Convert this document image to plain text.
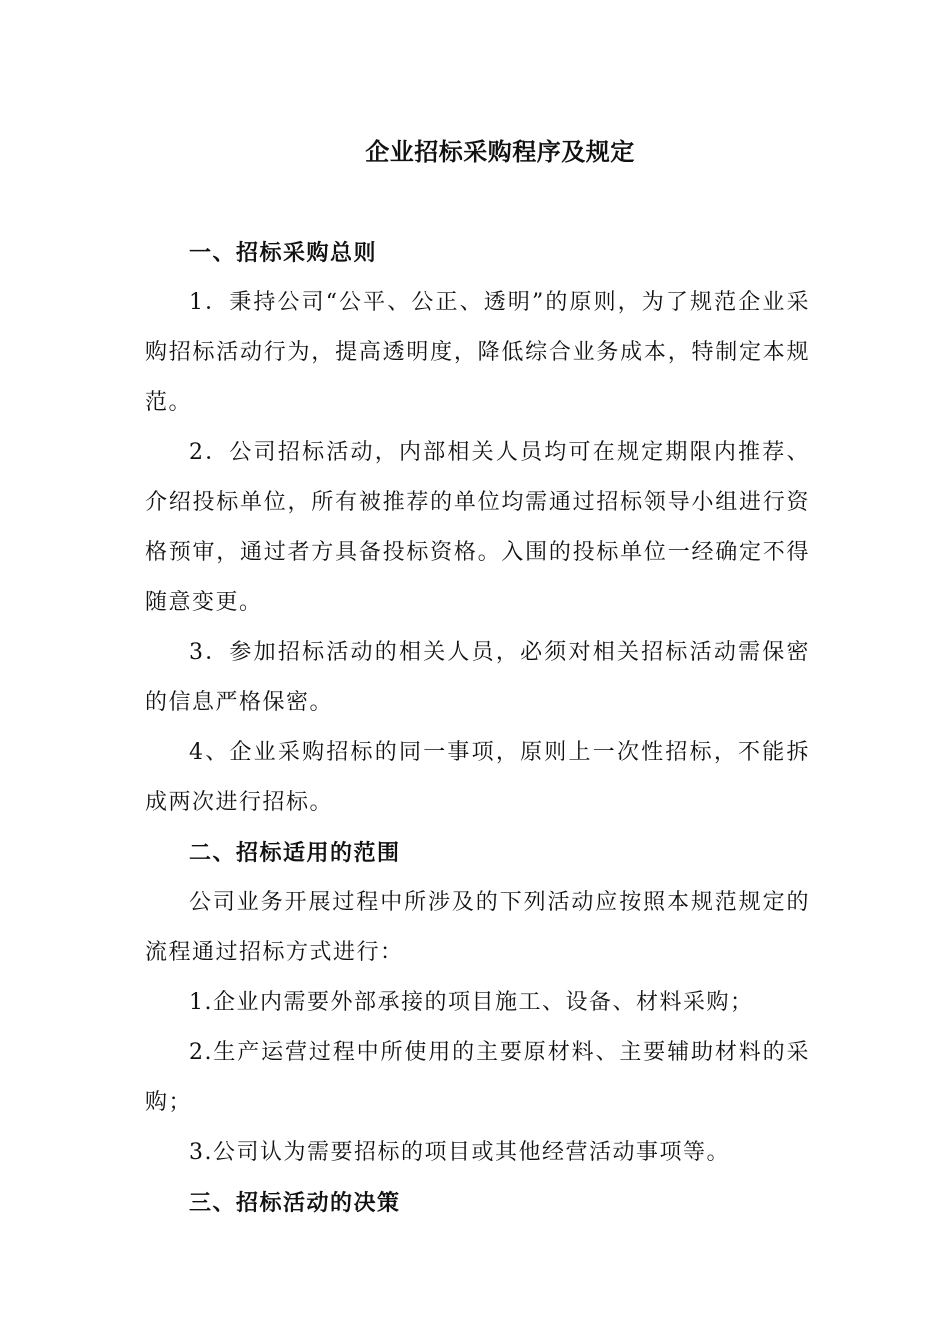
企业招标采购程序及规定

一、招标采购总则

1．秉持公司“公平、公正、透明”的原则，为了规范企业采购招标活动行为，提高透明度，降低综合业务成本，特制定本规范。

2．公司招标活动，内部相关人员均可在规定期限内推荐、介绍投标单位，所有被推荐的单位均需通过招标领导小组进行资格预审，通过者方具备投标资格。入围的投标单位一经确定不得随意变更。

3．参加招标活动的相关人员，必须对相关招标活动需保密的信息严格保密。

4、企业采购招标的同一事项，原则上一次性招标，不能拆成两次进行招标。

二、招标适用的范围

公司业务开展过程中所涉及的下列活动应按照本规范规定的流程通过招标方式进行：

1.企业内需要外部承接的项目施工、设备、材料采购；

2.生产运营过程中所使用的主要原材料、主要辅助材料的采购；

3.公司认为需要招标的项目或其他经营活动事项等。

三、招标活动的决策
